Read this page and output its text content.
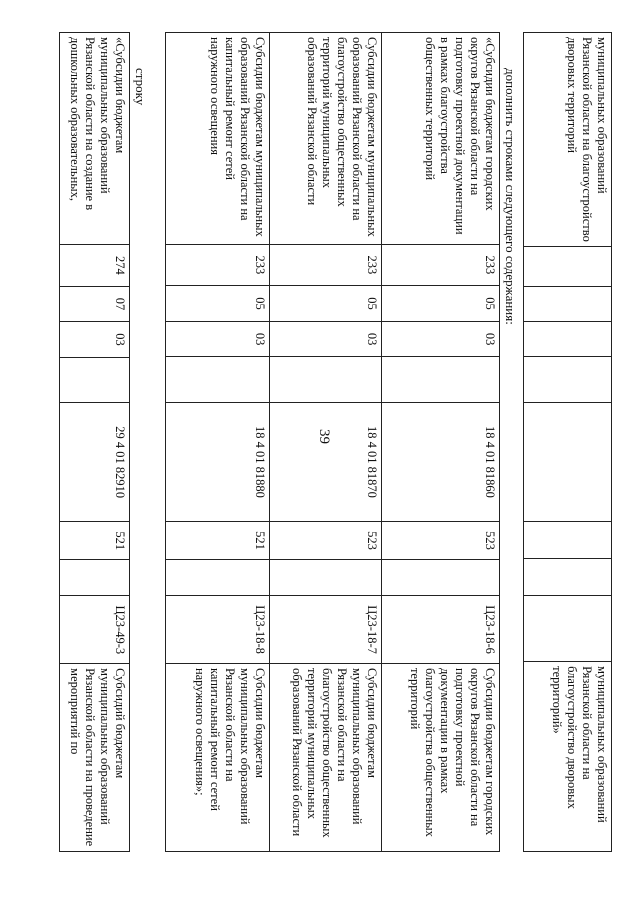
39
муниципальных образований Рязанской области на благоустройство дворовых территорий									муниципальных образований Рязанской области на благоустройство дворовых территорий»
дополнить строками следующего содержания:
«Субсидии бюджетам городских округов Рязанской области на подготовку проектной документации в рамках благоустройства общественных территорий	233	05	03		18 4 01 81860	523		Ц23-18-6	Субсидии бюджетам городских округов Рязанской области на подготовку проектной документации в рамках благоустройства общественных территорий
Субсидии бюджетам муниципальных образований Рязанской области на благоустройство общественных территорий муниципальных образований Рязанской области	233	05	03		18 4 01 81870	523		Ц23-18-7	Субсидии бюджетам муниципальных образований Рязанской области на благоустройство общественных территорий муниципальных образований Рязанской области
Субсидии бюджетам муниципальных образований Рязанской области на капитальный ремонт сетей наружного освещения	233	05	03		18 4 01 81880	521		Ц23-18-8	Субсидии бюджетам муниципальных образований Рязанской области на капитальный ремонт сетей наружного освещения»;
строку
«Субсидии бюджетам муниципальных образований Рязанской области на создание в дошкольных образовательных,	274	07	03		29 4 01 82910	521		Ц23-49-3	Субсидий бюджетам муниципальных образований Рязанской области на проведение мероприятий по
